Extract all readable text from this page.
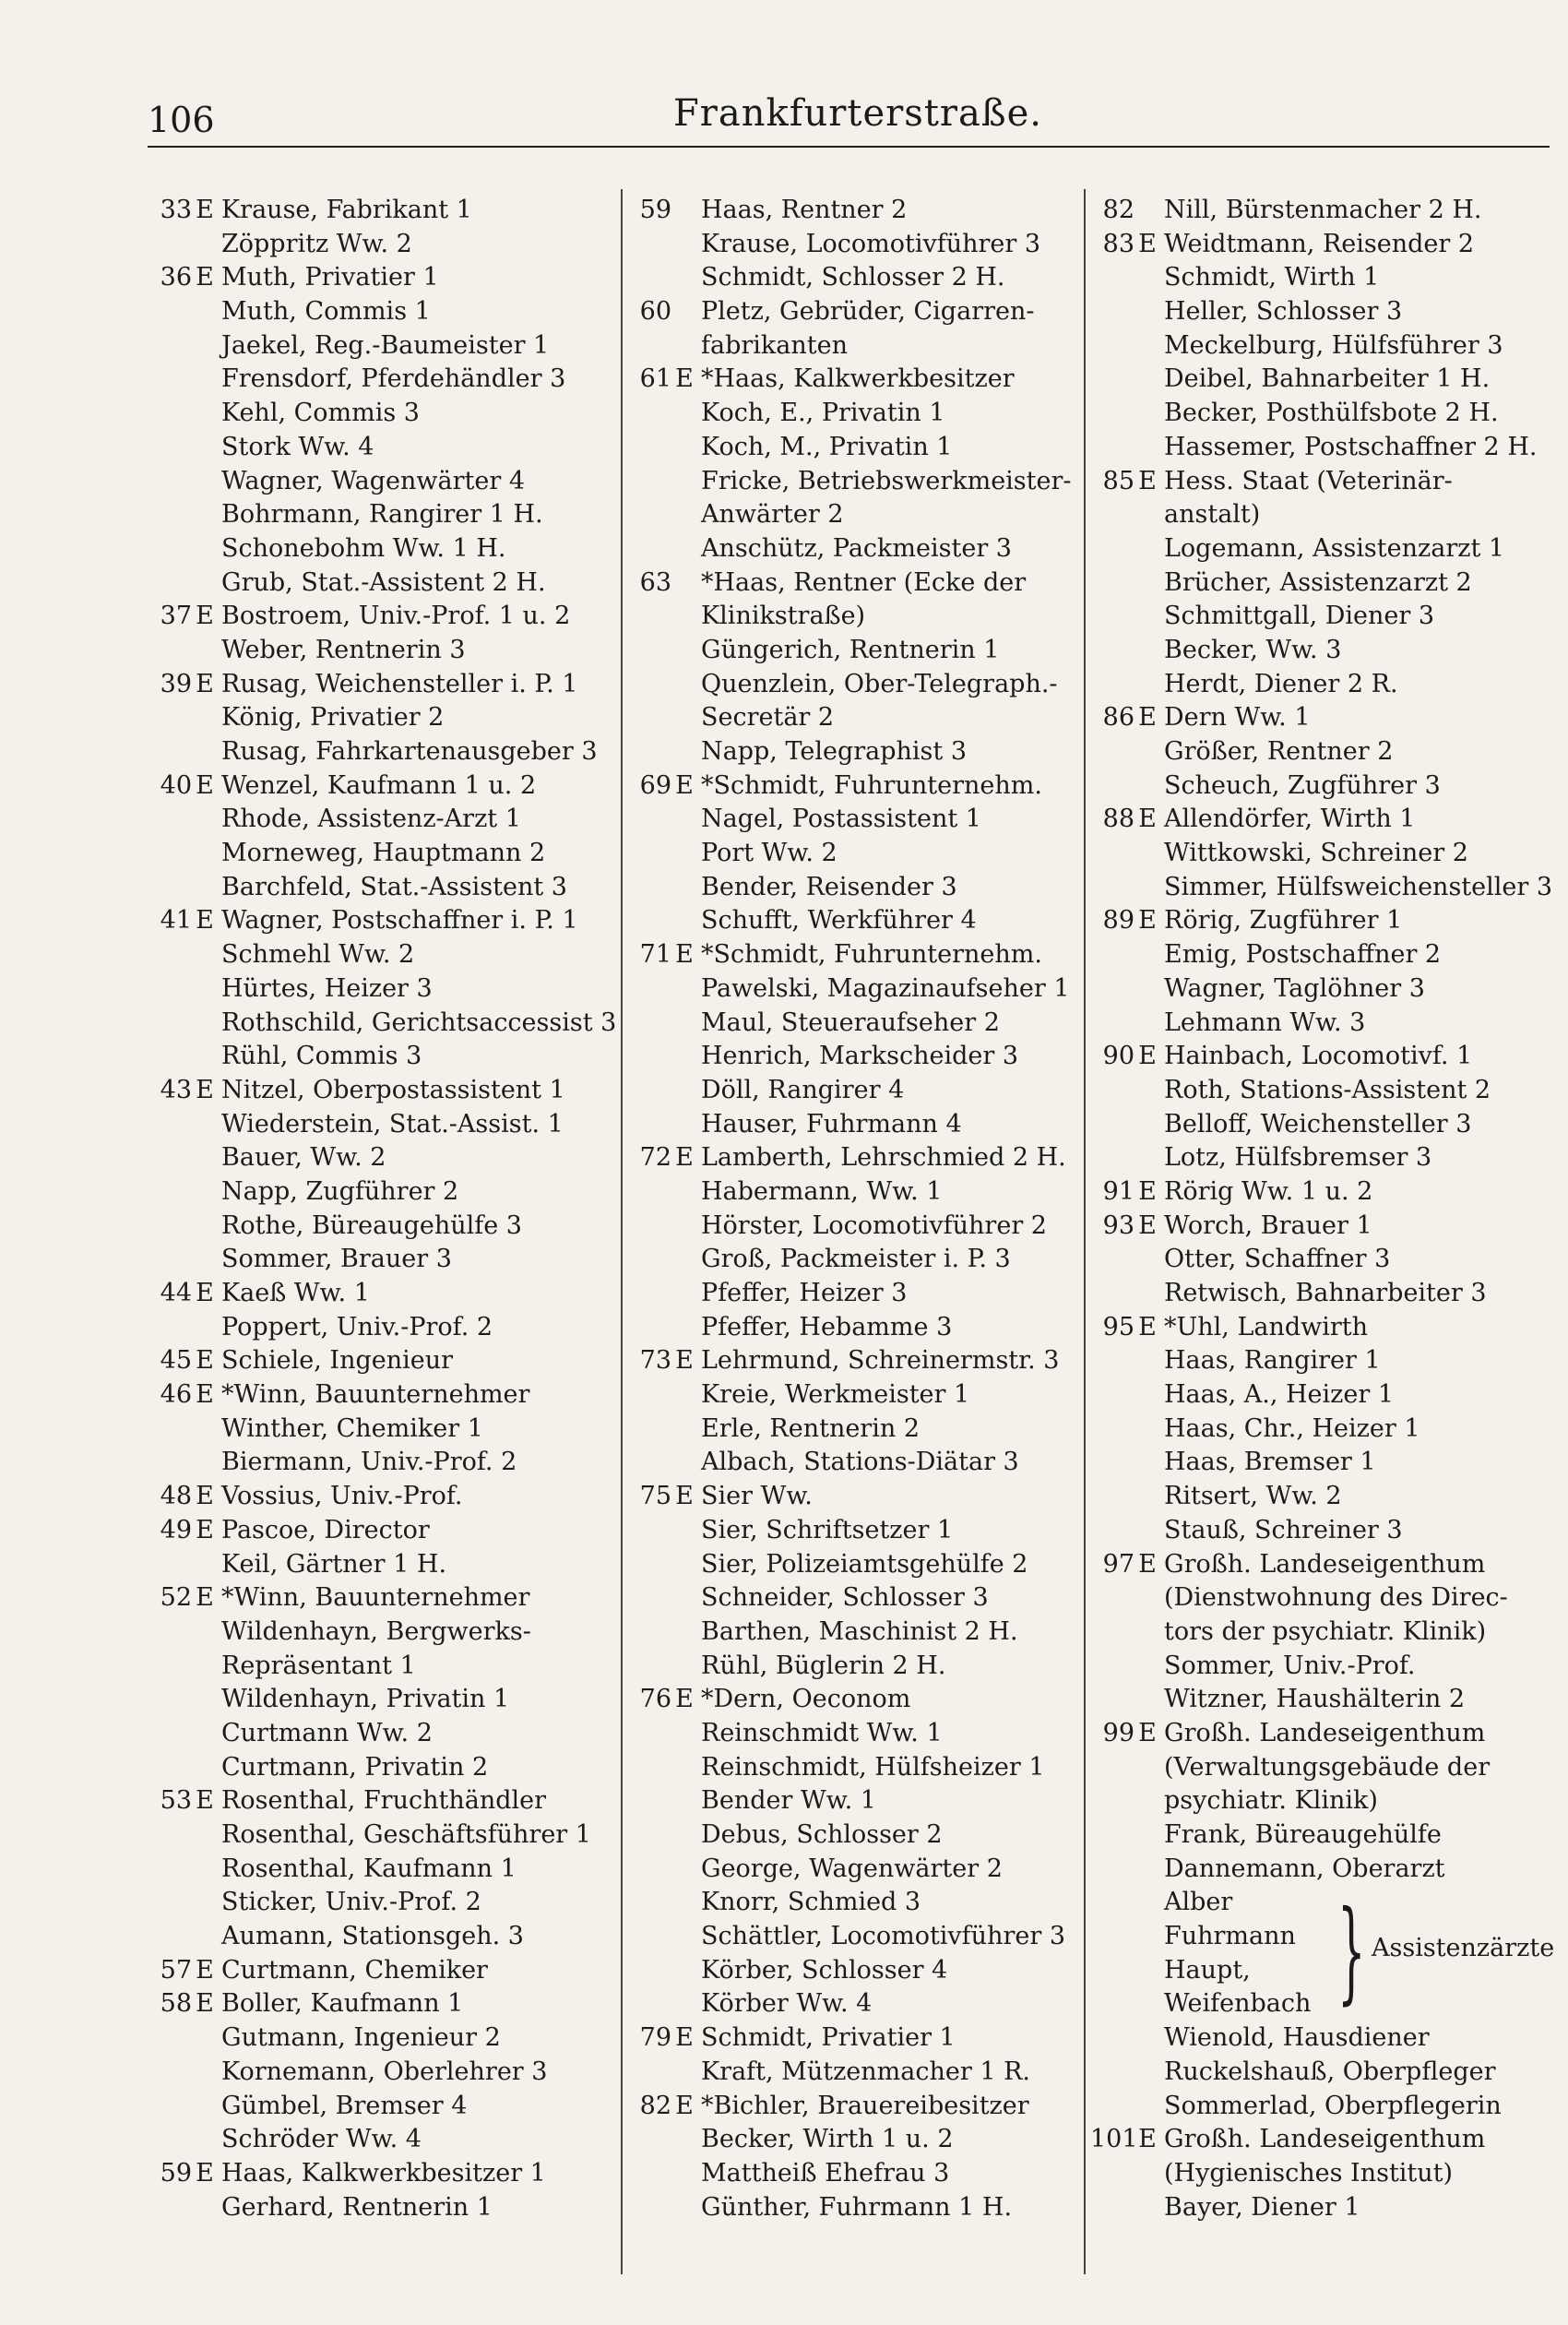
106	Frankfurterstraße.
33 E Krause, Fabrikant 1
Zöppritz Ww. 2
36 E Muth, Privatier 1
Muth, Commis 1
Jaekel, Reg.-Baumeister 1
Frensdorf, Pferdehändler 3
Kehl, Commis 3
Stork Ww. 4
Wagner, Wagenwärter 4
Bohrmann, Rangirer 1 H.
Schonebohm Ww. 1 H.
Grub, Stat.-Assistent 2 H.
37 E Bostroem, Univ.-Prof. 1 u. 2
Weber, Rentnerin 3
39 E Rusag, Weichensteller i. P. 1
König, Privatier 2
Rusag, Fahrkartenausgeber 3
40 E Wenzel, Kaufmann 1 u. 2
Rhode, Assistenz-Arzt 1
Morneweg, Hauptmann 2
Barchfeld, Stat.-Assistent 3
41 E Wagner, Postschaffner i. P. 1
Schmehl Ww. 2
Hürtes, Heizer 3
Rothschild, Gerichtsaccessist 3
Rühl, Commis 3
43 E Nitzel, Oberpostassistent 1
Wiederstein, Stat.-Assist. 1
Bauer, Ww. 2
Napp, Zugführer 2
Rothe, Büreaugehülfe 3
Sommer, Brauer 3
44 E Kaeß Ww. 1
Poppert, Univ.-Prof. 2
45 E Schiele, Ingenieur
46 E *Winn, Bauunternehmer
Winther, Chemiker 1
Biermann, Univ.-Prof. 2
48 E Vossius, Univ.-Prof.
49 E Pascoe, Director
Keil, Gärtner 1 H.
52 E *Winn, Bauunternehmer
Wildenhayn, Bergwerks-
Repräsentant 1
Wildenhayn, Privatin 1
Curtmann Ww. 2
Curtmann, Privatin 2
53 E Rosenthal, Fruchthändler
Rosenthal, Geschäftsführer 1
Rosenthal, Kaufmann 1
Sticker, Univ.-Prof. 2
Aumann, Stationsgeh. 3
57 E Curtmann, Chemiker
58 E Boller, Kaufmann 1
Gutmann, Ingenieur 2
Kornemann, Oberlehrer 3
Gümbel, Bremser 4
Schröder Ww. 4
59 E Haas, Kalkwerkbesitzer 1
Gerhard, Rentnerin 1
59 Haas, Rentner 2
Krause, Locomotivführer 3
Schmidt, Schlosser 2 H.
60 Pletz, Gebrüder, Cigarren-
fabrikanten
61 E *Haas, Kalkwerkbesitzer
Koch, E., Privatin 1
Koch, M., Privatin 1
Fricke, Betriebswerkmeister-
Anwärter 2
Anschütz, Packmeister 3
63 *Haas, Rentner (Ecke der
Klinikstraße)
Güngerich, Rentnerin 1
Quenzlein, Ober-Telegraph.-
Secretär 2
Napp, Telegraphist 3
69 E *Schmidt, Fuhrunternehm.
Nagel, Postassistent 1
Port Ww. 2
Bender, Reisender 3
Schufft, Werkführer 4
71 E *Schmidt, Fuhrunternehm.
Pawelski, Magazinaufseher 1
Maul, Steueraufseher 2
Henrich, Markscheider 3
Döll, Rangirer 4
Hauser, Fuhrmann 4
72 E Lamberth, Lehrschmied 2 H.
Habermann, Ww. 1
Hörster, Locomotivführer 2
Groß, Packmeister i. P. 3
Pfeffer, Heizer 3
Pfeffer, Hebamme 3
73 E Lehrmund, Schreinermstr. 3
Kreie, Werkmeister 1
Erle, Rentnerin 2
Albach, Stations-Diätar 3
75 E Sier Ww.
Sier, Schriftsetzer 1
Sier, Polizeiamtsgehülfe 2
Schneider, Schlosser 3
Barthen, Maschinist 2 H.
Rühl, Büglerin 2 H.
76 E *Dern, Oeconom
Reinschmidt Ww. 1
Reinschmidt, Hülfsheizer 1
Bender Ww. 1
Debus, Schlosser 2
George, Wagenwärter 2
Knorr, Schmied 3
Schättler, Locomotivführer 3
Körber, Schlosser 4
Körber Ww. 4
79 E Schmidt, Privatier 1
Kraft, Mützenmacher 1 R.
82 E *Bichler, Brauereibesitzer
Becker, Wirth 1 u. 2
Mattheiß Ehefrau 3
Günther, Fuhrmann 1 H.
82 Nill, Bürstenmacher 2 H.
83 E Weidtmann, Reisender 2
Schmidt, Wirth 1
Heller, Schlosser 3
Meckelburg, Hülfsführer 3
Deibel, Bahnarbeiter 1 H.
Becker, Posthülfsbote 2 H.
Hassemer, Postschaffner 2 H.
85 E Hess. Staat (Veterinär-
anstalt)
Logemann, Assistenzarzt 1
Brücher, Assistenzarzt 2
Schmittgall, Diener 3
Becker, Ww. 3
Herdt, Diener 2 R.
86 E Dern Ww. 1
Größer, Rentner 2
Scheuch, Zugführer 3
88 E Allendörfer, Wirth 1
Wittkowski, Schreiner 2
Simmer, Hülfsweichensteller 3
89 E Rörig, Zugführer 1
Emig, Postschaffner 2
Wagner, Taglöhner 3
Lehmann Ww. 3
90 E Hainbach, Locomotivf. 1
Roth, Stations-Assistent 2
Belloff, Weichensteller 3
Lotz, Hülfsbremser 3
91 E Rörig Ww. 1 u. 2
93 E Worch, Brauer 1
Otter, Schaffner 3
Retwisch, Bahnarbeiter 3
95 E *Uhl, Landwirth
Haas, Rangirer 1
Haas, A., Heizer 1
Haas, Chr., Heizer 1
Haas, Bremser 1
Ritsert, Ww. 2
Stauß, Schreiner 3
97 E Großh. Landeseigenthum
(Dienstwohnung des Direc-
tors der psychiatr. Klinik)
Sommer, Univ.-Prof.
Witzner, Haushälterin 2
99 E Großh. Landeseigenthum
(Verwaltungsgebäude der
psychiatr. Klinik)
Frank, Büreaugehülfe
Dannemann, Oberarzt
Alber
Fuhrmann
Haupt,
Weifenbach } Assistenzärzte
Wienold, Hausdiener
Ruckelshauß, Oberpfleger
Sommerlad, Oberpflegerin
101 E Großh. Landeseigenthum
(Hygienisches Institut)
Bayer, Diener 1
